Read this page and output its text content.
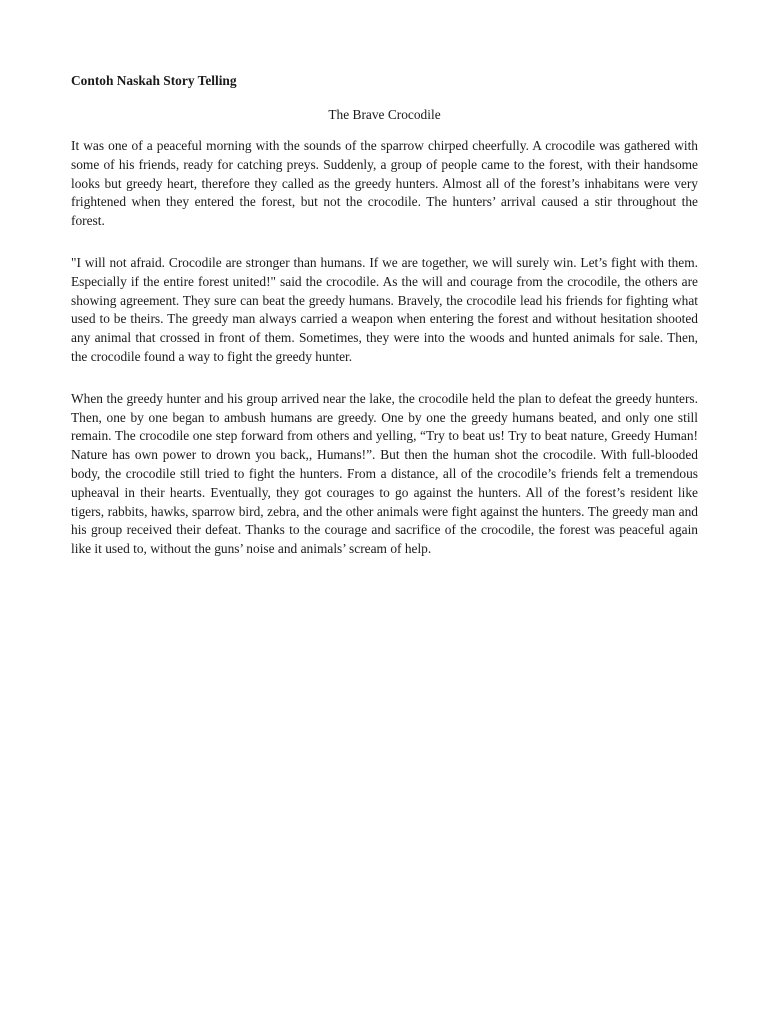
Contoh Naskah Story Telling

The Brave Crocodile

It was one of a peaceful morning with the sounds of the sparrow chirped cheerfully. A crocodile was gathered with some of his friends, ready for catching preys. Suddenly, a group of people came to the forest, with their handsome looks but greedy heart, therefore they called as the greedy hunters. Almost all of the forest’s inhabitans were very frightened when they entered the forest, but not the crocodile. The hunters’ arrival caused a stir throughout the forest.

"I will not afraid. Crocodile are stronger than humans. If we are together, we will surely win. Let’s fight with them. Especially if the entire forest united!" said the crocodile. As the will and courage from the crocodile, the others are showing agreement. They sure can beat the greedy humans. Bravely, the crocodile lead his friends for fighting what used to be theirs. The greedy man always carried a weapon when entering the forest and without hesitation shooted any animal that crossed in front of them. Sometimes, they were into the woods and hunted animals for sale. Then, the crocodile found a way to fight the greedy hunter.

When the greedy hunter and his group arrived near the lake, the crocodile held the plan to defeat the greedy hunters. Then, one by one began to ambush humans are greedy. One by one the greedy humans beated, and only one still remain. The crocodile one step forward from others and yelling, “Try to beat us! Try to beat nature, Greedy Human! Nature has own power to drown you back,, Humans!”. But then the human shot the crocodile. With full-blooded body, the crocodile still tried to fight the hunters. From a distance, all of the crocodile’s friends felt a tremendous upheaval in their hearts. Eventually, they got courages to go against the hunters. All of the forest’s resident like tigers, rabbits, hawks, sparrow bird, zebra, and the other animals were fight against the hunters. The greedy man and his group received their defeat. Thanks to the courage and sacrifice of the crocodile, the forest was peaceful again like it used to, without the guns’ noise and animals’ scream of help.
